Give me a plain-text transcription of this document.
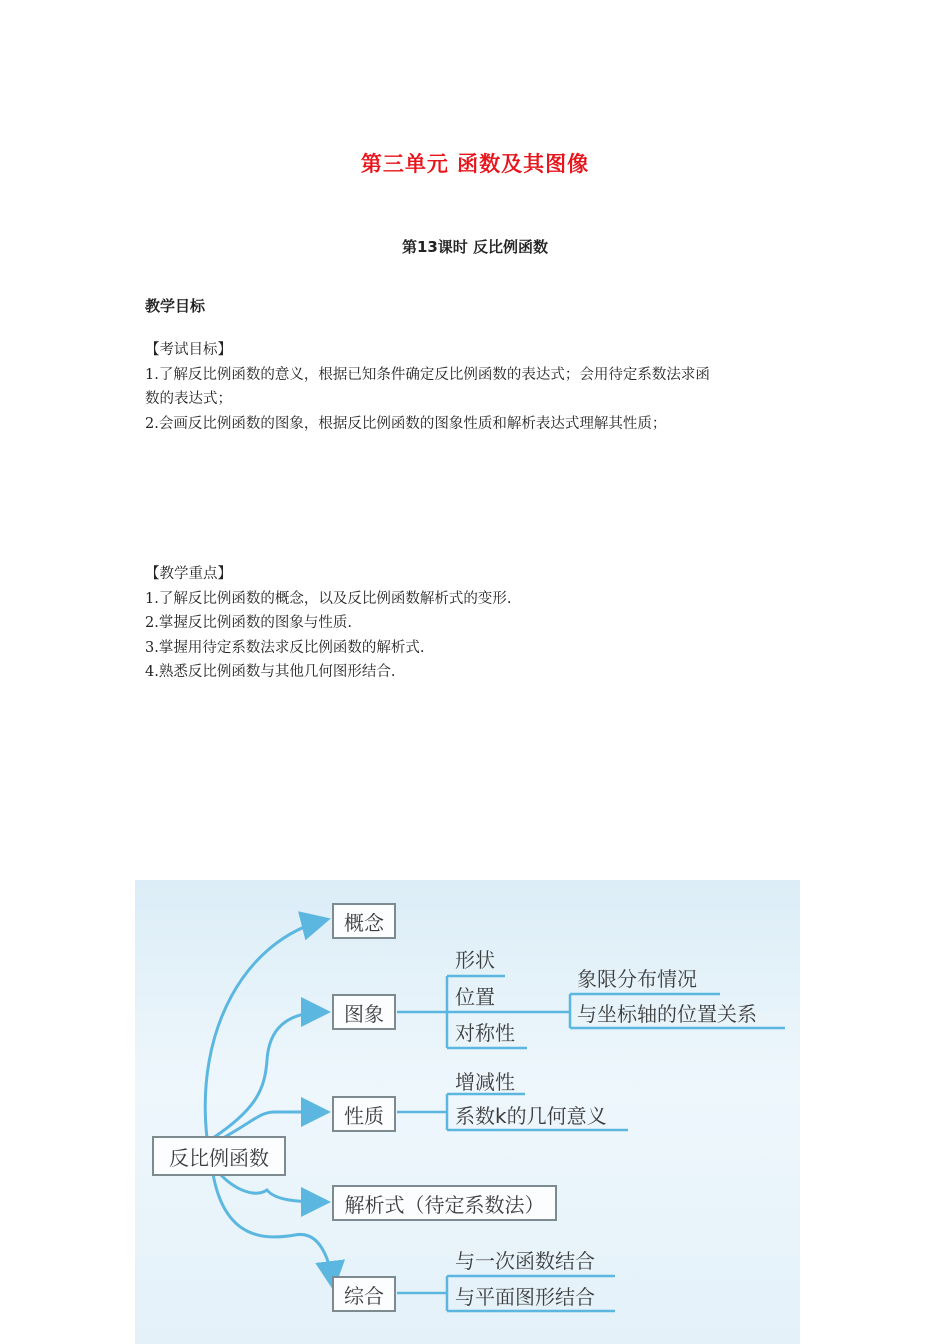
第三单元 函数及其图像
第13课时 反比例函数
教学目标

【考试目标】

1.了解反比例函数的意义，根据已知条件确定反比例函数的表达式；会用待定系数法求函

数的表达式；

2.会画反比例函数的图象，根据反比例函数的图象性质和解析表达式理解其性质；

【教学重点】

1.了解反比例函数的概念，以及反比例函数解析式的变形.

2.掌握反比例函数的图象与性质.

3.掌握用待定系数法求反比例函数的解析式.

4.熟悉反比例函数与其他几何图形结合.

反比例函数
概念
图象
性质
解析式（待定系数法）
综合
形状
位置
对称性
象限分布情况
与坐标轴的位置关系
增减性
系数k的几何意义
与一次函数结合
与平面图形结合
